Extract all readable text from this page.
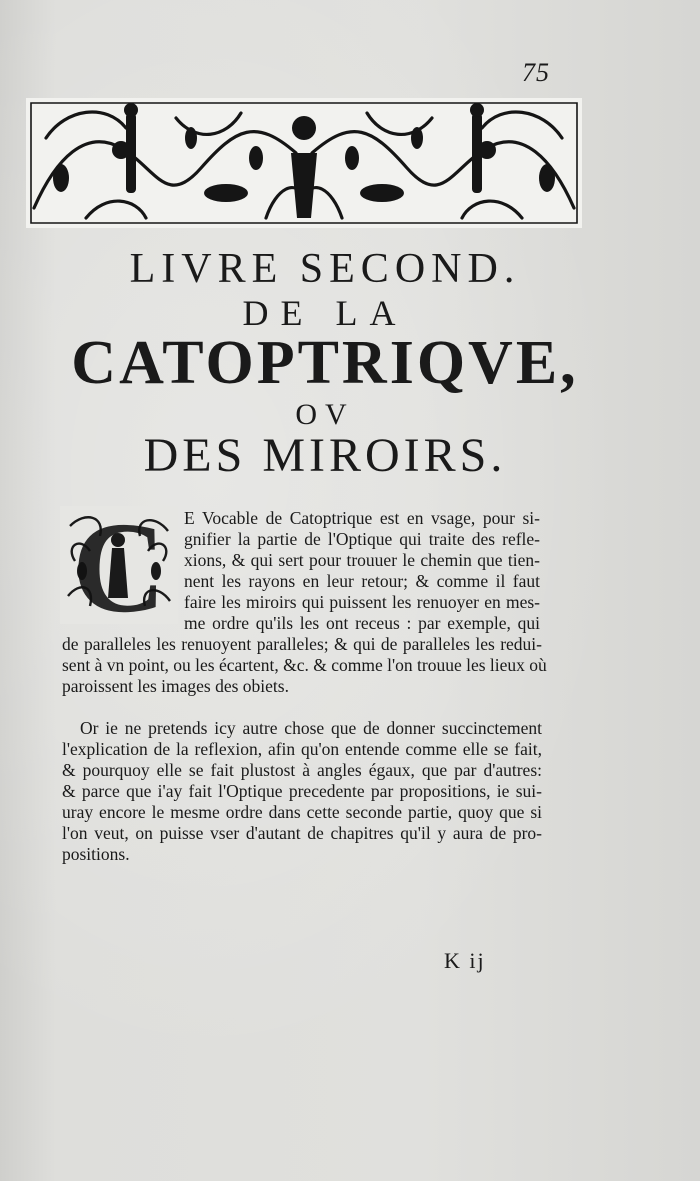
75
LIVRE SECOND.
DE LA
CATOPTRIQVE,
OV
DES MIROIRS.
C E Vocable de Catoptrique est en vsage, pour si-
gnifier la partie de l'Optique qui traite des refle-
xions, & qui sert pour trouuer le chemin que tien-
nent les rayons en leur retour; & comme il faut
faire les miroirs qui puissent les renuoyer en mes-
me ordre qu'ils les ont receus : par exemple, qui
de paralleles les renuoyent paralleles; & qui de paralleles les redui-
sent à vn point, ou les écartent, &c. & comme l'on trouue les lieux où
paroissent les images des obiets.
Or ie ne pretends icy autre chose que de donner succinctement
l'explication de la reflexion, afin qu'on entende comme elle se fait,
& pourquoy elle se fait plustost à angles égaux, que par d'autres:
& parce que i'ay fait l'Optique precedente par propositions, ie sui-
uray encore le mesme ordre dans cette seconde partie, quoy que si
l'on veut, on puisse vser d'autant de chapitres qu'il y aura de pro-
positions.
K ij
